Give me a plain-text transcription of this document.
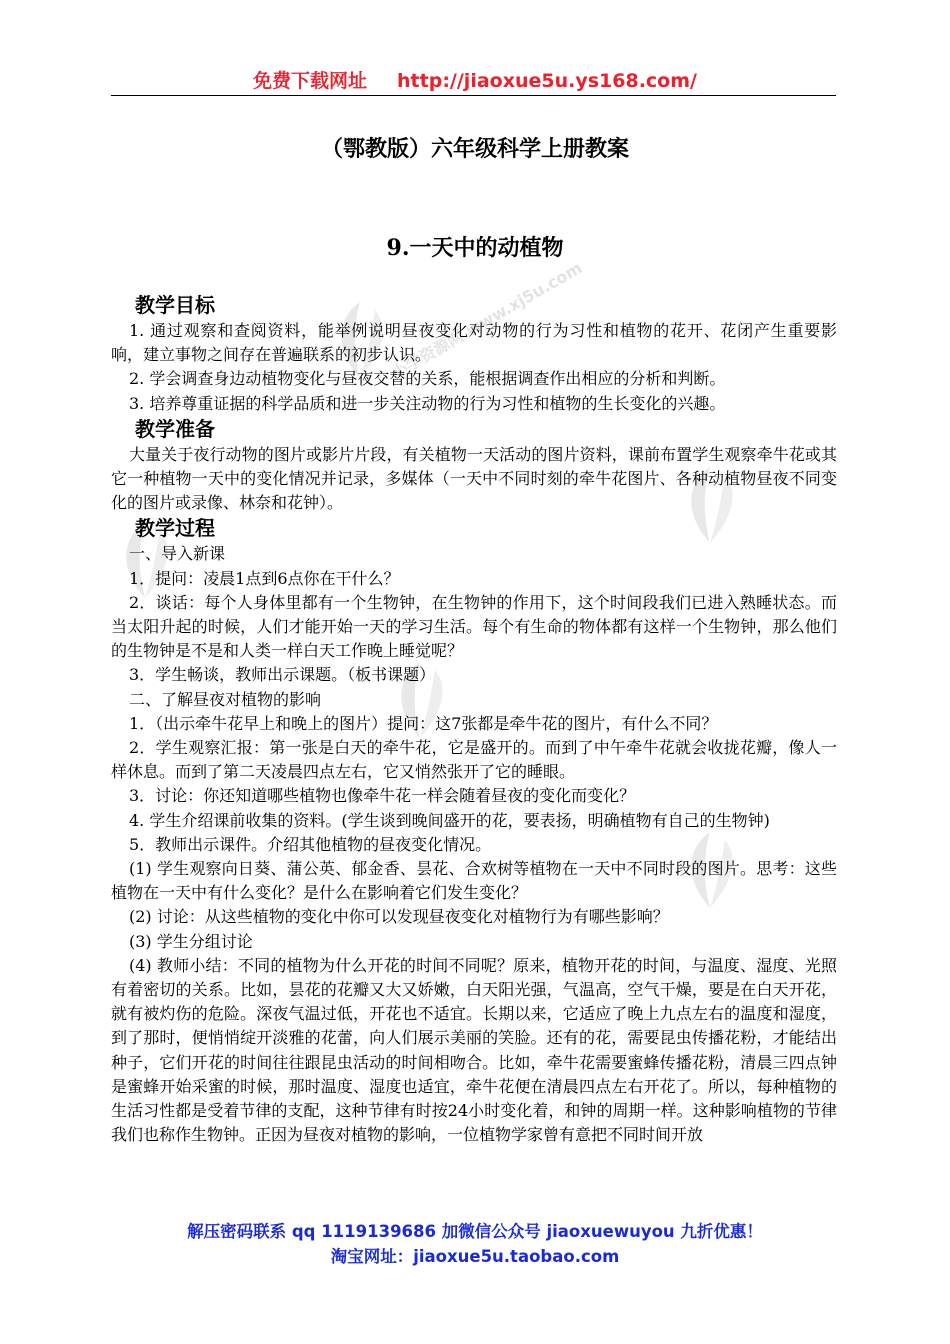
免费下载网址 http://jiaoxue5u.ys168.com/
（鄂教版）六年级科学上册教案
9.一天中的动植物
小学资源网 www.xj5u.com

教学目标

1. 通过观察和查阅资料，能举例说明昼夜变化对动物的行为习性和植物的花开、花闭产生重要影响，建立事物之间存在普遍联系的初步认识。

2. 学会调查身边动植物变化与昼夜交替的关系，能根据调查作出相应的分析和判断。

3. 培养尊重证据的科学品质和进一步关注动物的行为习性和植物的生长变化的兴趣。

教学准备

大量关于夜行动物的图片或影片片段，有关植物一天活动的图片资料，课前布置学生观察牵牛花或其它一种植物一天中的变化情况并记录，多媒体（一天中不同时刻的牵牛花图片、各种动植物昼夜不同变化的图片或录像、林奈和花钟）。

教学过程

一、导入新课

1．提问：凌晨1点到6点你在干什么？

2．谈话：每个人身体里都有一个生物钟，在生物钟的作用下，这个时间段我们已进入熟睡状态。而当太阳升起的时候，人们才能开始一天的学习生活。每个有生命的物体都有这样一个生物钟，那么他们的生物钟是不是和人类一样白天工作晚上睡觉呢？

3．学生畅谈，教师出示课题。（板书课题）

二、了解昼夜对植物的影响

1．（出示牵牛花早上和晚上的图片）提问：这7张都是牵牛花的图片，有什么不同？

2．学生观察汇报：第一张是白天的牵牛花，它是盛开的。而到了中午牵牛花就会收拢花瓣，像人一样休息。而到了第二天凌晨四点左右，它又悄然张开了它的睡眼。

3．讨论：你还知道哪些植物也像牵牛花一样会随着昼夜的变化而变化？

4. 学生介绍课前收集的资料。(学生谈到晚间盛开的花，要表扬，明确植物有自己的生物钟)

5．教师出示课件。介绍其他植物的昼夜变化情况。

(1) 学生观察向日葵、蒲公英、郁金香、昙花、合欢树等植物在一天中不同时段的图片。思考：这些植物在一天中有什么变化？是什么在影响着它们发生变化？

(2) 讨论：从这些植物的变化中你可以发现昼夜变化对植物行为有哪些影响？

(3) 学生分组讨论

(4) 教师小结：不同的植物为什么开花的时间不同呢？原来，植物开花的时间，与温度、湿度、光照有着密切的关系。比如，昙花的花瓣又大又娇嫩，白天阳光强，气温高，空气干燥，要是在白天开花，就有被灼伤的危险。深夜气温过低，开花也不适宜。长期以来，它适应了晚上九点左右的温度和湿度，到了那时，便悄悄绽开淡雅的花蕾，向人们展示美丽的笑脸。还有的花，需要昆虫传播花粉，才能结出种子，它们开花的时间往往跟昆虫活动的时间相吻合。比如，牵牛花需要蜜蜂传播花粉，清晨三四点钟是蜜蜂开始采蜜的时候，那时温度、湿度也适宜，牵牛花便在清晨四点左右开花了。所以，每种植物的生活习性都是受着节律的支配，这种节律有时按24小时变化着，和钟的周期一样。这种影响植物的节律我们也称作生物钟。正因为昼夜对植物的影响，一位植物学家曾有意把不同时间开放

解压密码联系 qq 1119139686 加微信公众号 jiaoxuewuyou 九折优惠！
淘宝网址：jiaoxue5u.taobao.com
